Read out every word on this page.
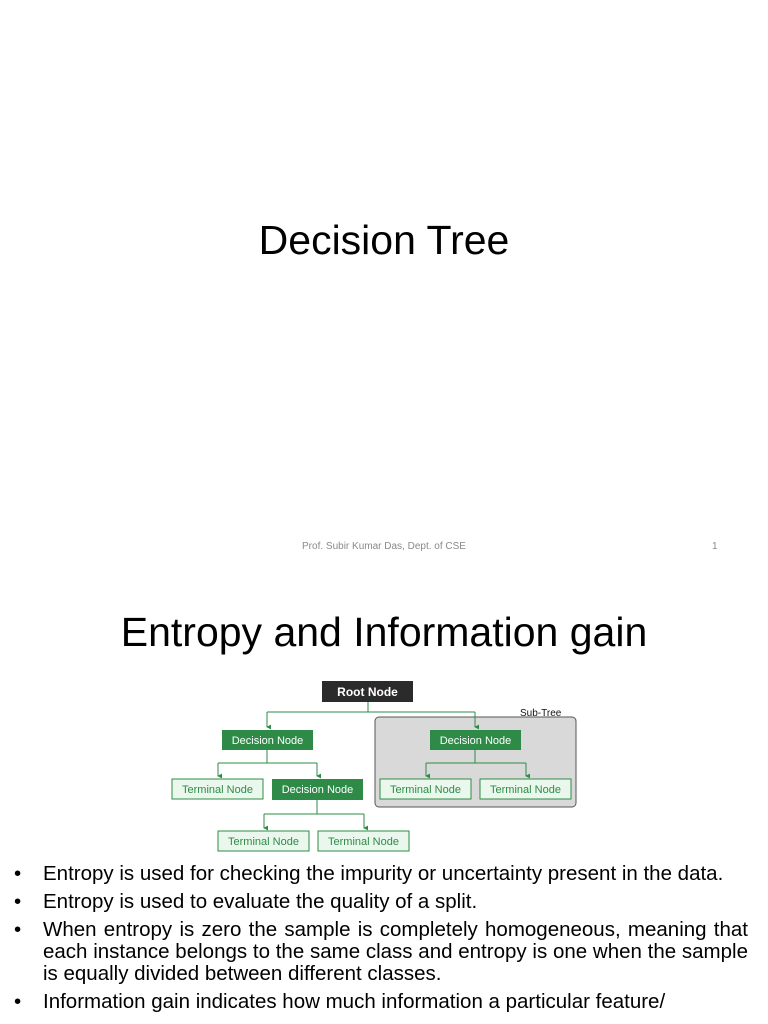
Decision Tree
Prof. Subir Kumar Das, Dept. of CSE	1
Entropy and Information gain
Sub-Tree
Root Node
Decision Node	Decision Node
Decision Node
Terminal Node	Terminal Node	Terminal Node
Terminal Node	Terminal Node
•	Entropy is used for checking the impurity or uncertainty present in the data.
•	Entropy is used to evaluate the quality of a split.
•	When entropy is zero the sample is completely homogeneous, meaning that each instance belongs to the same class and entropy is one when the sample is equally divided between different classes.
•	Information gain indicates how much information a particular feature/
